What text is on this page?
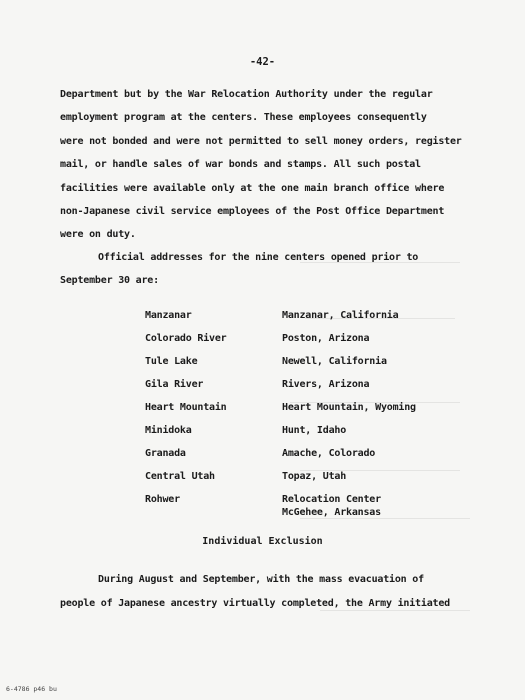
-42-
Department but by the War Relocation Authority under the regular
employment program at the centers. These employees consequently
were not bonded and were not permitted to sell money orders, register
mail, or handle sales of war bonds and stamps. All such postal
facilities were available only at the one main branch office where
non-Japanese civil service employees of the Post Office Department
were on duty.
Official addresses for the nine centers opened prior to
September 30 are:
Manzanar	Manzanar, California
Colorado River	Poston, Arizona
Tule Lake	Newell, California
Gila River	Rivers, Arizona
Heart Mountain	Heart Mountain, Wyoming
Minidoka	Hunt, Idaho
Granada	Amache, Colorado
Central Utah	Topaz, Utah
Rohwer	Relocation Center
McGehee, Arkansas
Individual Exclusion
During August and September, with the mass evacuation of
people of Japanese ancestry virtually completed, the Army initiated
6-4786 p46 bu
